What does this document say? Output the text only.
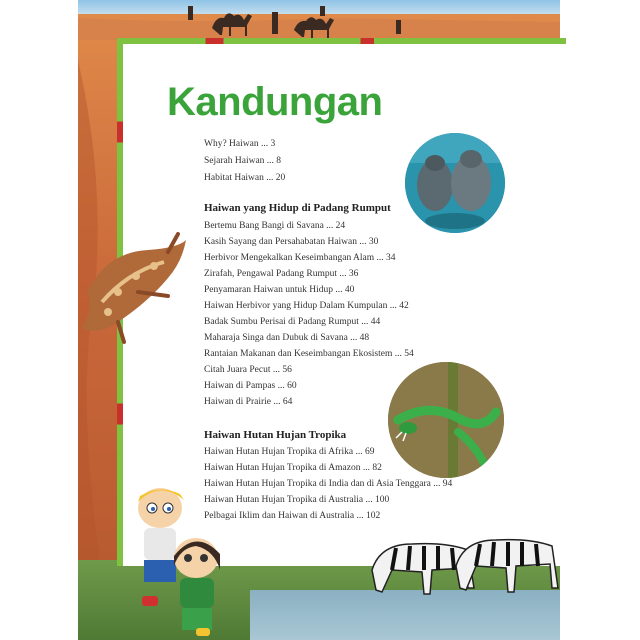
Kandungan
Why? Haiwan ... 3
Sejarah Haiwan ... 8
Habitat Haiwan ... 20
Haiwan yang Hidup di Padang Rumput
Bertemu Bang Bangi di Savana ... 24
Kasih Sayang dan Persahabatan Haiwan ... 30
Herbivor Mengekalkan Keseimbangan Alam ... 34
Zirafah, Pengawal Padang Rumput ... 36
Penyamaran Haiwan untuk Hidup ... 40
Haiwan Herbivor yang Hidup Dalam Kumpulan ... 42
Badak Sumbu Perisai di Padang Rumput ... 44
Maharaja Singa dan Dubuk di Savana ... 48
Rantaian Makanan dan Keseimbangan Ekosistem ... 54
Citah Juara Pecut ... 56
Haiwan di Pampas ... 60
Haiwan di Prairie ... 64
Haiwan Hutan Hujan Tropika
Haiwan Hutan Hujan Tropika di Afrika ... 69
Haiwan Hutan Hujan Tropika di Amazon ... 82
Haiwan Hutan Hujan Tropika di India dan di Asia Tenggara ... 94
Haiwan Hutan Hujan Tropika di Australia ... 100
Pelbagai Iklim dan Haiwan di Australia ... 102
